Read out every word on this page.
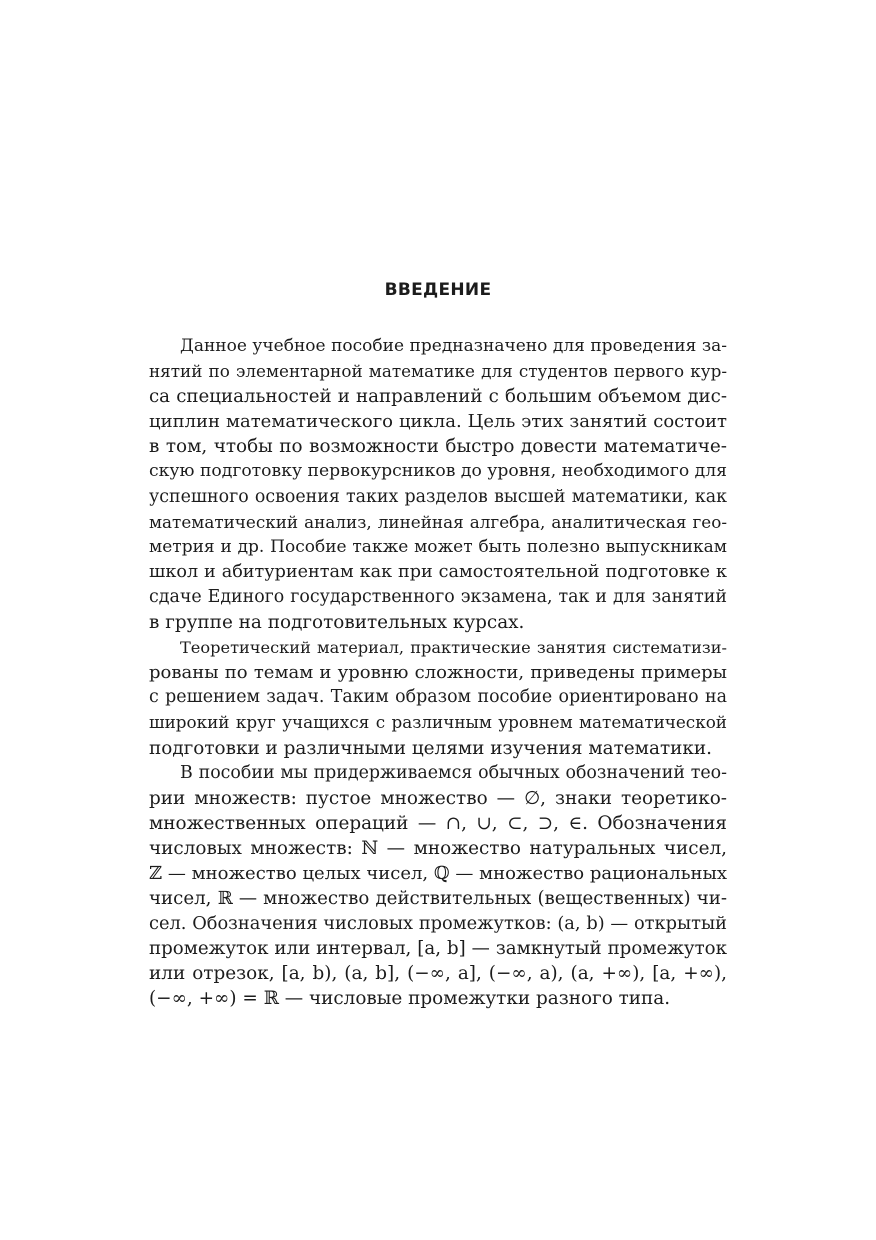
ВВЕДЕНИЕ
Данное учебное пособие предназначено для проведения за-
нятий по элементарной математике для студентов первого кур-
са специальностей и направлений с большим объемом дис-
циплин математического цикла. Цель этих занятий состоит
в том, чтобы по возможности быстро довести математиче-
скую подготовку первокурсников до уровня, необходимого для
успешного освоения таких разделов высшей математики, как
математический анализ, линейная алгебра, аналитическая гео-
метрия и др. Пособие также может быть полезно выпускникам
школ и абитуриентам как при самостоятельной подготовке к
сдаче Единого государственного экзамена, так и для занятий
в группе на подготовительных курсах.
Теоретический материал, практические занятия систематизи-
рованы по темам и уровню сложности, приведены примеры
с решением задач. Таким образом пособие ориентировано на
широкий круг учащихся с различным уровнем математической
подготовки и различными целями изучения математики.
В пособии мы придерживаемся обычных обозначений тео-
рии множеств: пустое множество — ∅, знаки теоретико-
множественных операций — ∩, ∪, ⊂, ⊃, ∈. Обозначения
числовых множеств: ℕ — множество натуральных чисел,
ℤ — множество целых чисел, ℚ — множество рациональных
чисел, ℝ — множество действительных (вещественных) чи-
сел. Обозначения числовых промежутков: (a, b) — открытый
промежуток или интервал, [a, b] — замкнутый промежуток
или отрезок, [a, b), (a, b], (−∞, a], (−∞, a), (a, +∞), [a, +∞),
(−∞, +∞) = ℝ — числовые промежутки разного типа.
